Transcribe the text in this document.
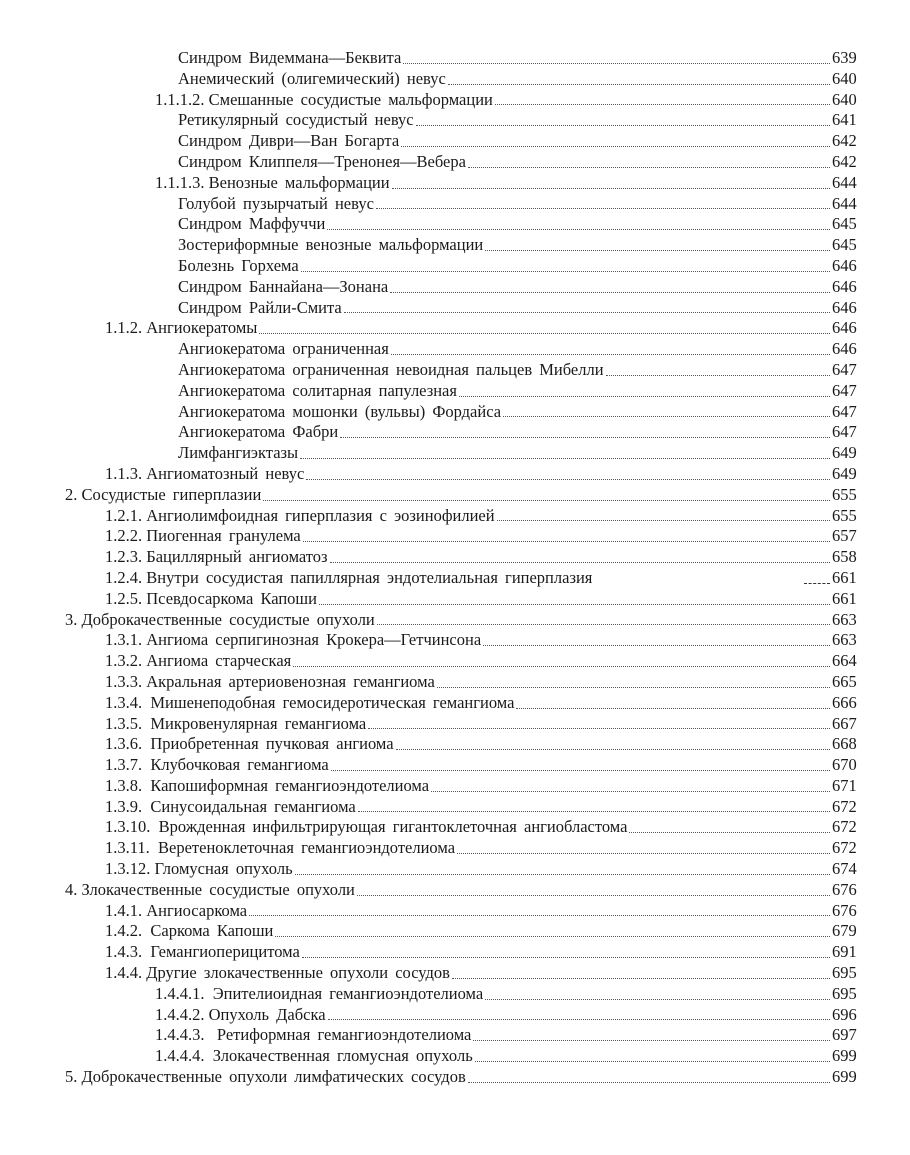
Синдром Видеммана—Беквита	639
Анемический (олигемический) невус	640
1.1.1.2. Смешанные сосудистые мальформации	640
Ретикулярный сосудистый невус	641
Синдром Диври—Ван Богарта	642
Синдром Клиппеля—Тренонея—Вебера	642
1.1.1.3. Венозные мальформации	644
Голубой пузырчатый невус	644
Синдром Маффуччи	645
Зостериформные венозные мальформации	645
Болезнь Горхема	646
Синдром Баннайана—Зонана	646
Синдром Райли-Смита	646
1.1.2. Ангиокератомы	646
Ангиокератома ограниченная	646
Ангиокератома ограниченная невоидная пальцев Мибелли	647
Ангиокератома солитарная папулезная	647
Ангиокератома мошонки (вульвы) Фордайса	647
Ангиокератома Фабри	647
Лимфангиэктазы	649
1.1.3. Ангиоматозный невус	649
2. Сосудистые гиперплазии	655
1.2.1. Ангиолимфоидная гиперплазия с эозинофилией	655
1.2.2. Пиогенная гранулема	657
1.2.3. Бациллярный ангиоматоз	658
1.2.4. Внутри сосудистая папиллярная эндотелиальная гиперплазия	661
1.2.5. Псевдосаркома Капоши	661
3. Доброкачественные сосудистые опухоли	663
1.3.1. Ангиома серпигинозная Крокера—Гетчинсона	663
1.3.2. Ангиома старческая	664
1.3.3. Акральная артериовенозная гемангиома	665
1.3.4. Мишенеподобная гемосидеротическая гемангиома	666
1.3.5. Микровенулярная гемангиома	667
1.3.6. Приобретенная пучковая ангиома	668
1.3.7. Клубочковая гемангиома	670
1.3.8. Капошиформная гемангиоэндотелиома	671
1.3.9. Синусоидальная гемангиома	672
1.3.10. Врожденная инфильтрирующая гигантоклеточная ангиобластома	672
1.3.11. Веретеноклеточная гемангиоэндотелиома	672
1.3.12. Гломусная опухоль	674
4. Злокачественные сосудистые опухоли	676
1.4.1. Ангиосаркома	676
1.4.2. Саркома Капоши	679
1.4.3. Гемангиоперицитома	691
1.4.4. Другие злокачественные опухоли сосудов	695
1.4.4.1. Эпителиоидная гемангиоэндотелиома	695
1.4.4.2. Опухоль Дабска	696
1.4.4.3. Ретиформная гемангиоэндотелиома	697
1.4.4.4. Злокачественная гломусная опухоль	699
5. Доброкачественные опухоли лимфатических сосудов	699
